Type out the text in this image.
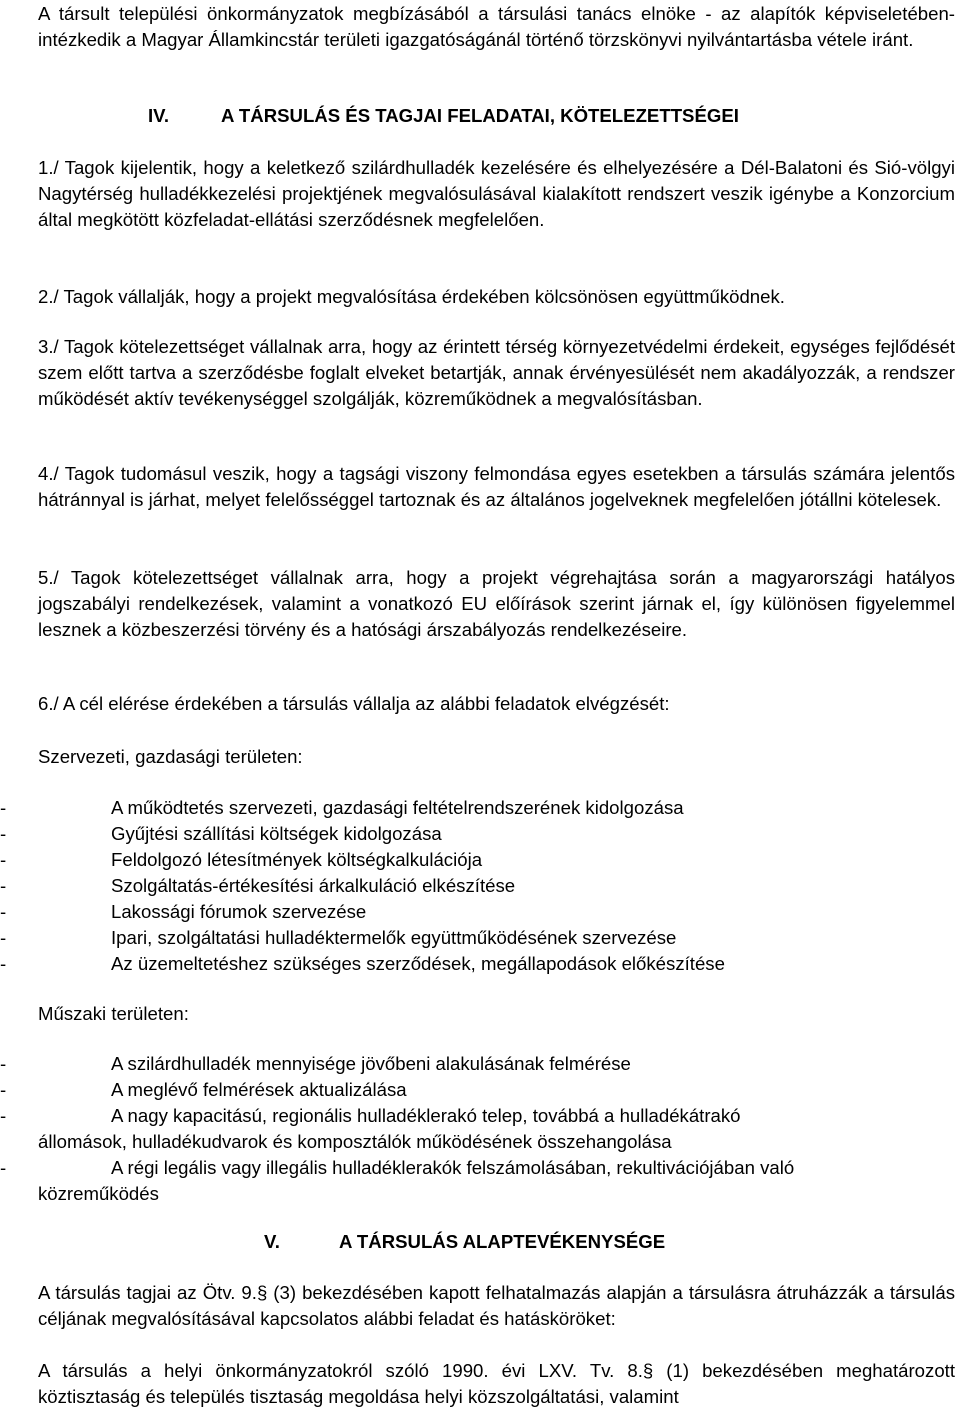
A társult települési önkormányzatok megbízásából a társulási tanács elnöke - az alapítók képviseletében- intézkedik a Magyar Államkincstár területi igazgatóságánál történő törzskönyvi nyilvántartásba vétele iránt.

IV.	A TÁRSULÁS ÉS TAGJAI FELADATAI, KÖTELEZETTSÉGEI

1./ Tagok kijelentik, hogy a keletkező szilárdhulladék kezelésére és elhelyezésére a Dél-Balatoni és Sió-völgyi Nagytérség hulladékkezelési projektjének megvalósulásával kialakított rendszert veszik igénybe a Konzorcium által megkötött közfeladat-ellátási szerződésnek megfelelően.

2./ Tagok vállalják, hogy a projekt megvalósítása érdekében kölcsönösen együttműködnek.

3./ Tagok kötelezettséget vállalnak arra, hogy az érintett térség környezetvédelmi érdekeit, egységes fejlődését szem előtt tartva a szerződésbe foglalt elveket betartják, annak érvényesülését nem akadályozzák, a rendszer működését aktív tevékenységgel szolgálják, közreműködnek a megvalósításban.

4./ Tagok tudomásul veszik, hogy a tagsági viszony felmondása egyes esetekben a társulás számára jelentős hátránnyal is járhat, melyet felelősséggel tartoznak és az általános jogelveknek megfelelően jótállni kötelesek.

5./ Tagok kötelezettséget vállalnak arra, hogy a projekt végrehajtása során a magyarországi hatályos jogszabályi rendelkezések, valamint a vonatkozó EU előírások szerint járnak el, így különösen figyelemmel lesznek a közbeszerzési törvény és a hatósági árszabályozás rendelkezéseire.

6./ A cél elérése érdekében a társulás vállalja az alábbi feladatok elvégzését:

Szervezeti, gazdasági területen:
-	A működtetés szervezeti, gazdasági feltételrendszerének kidolgozása
-	Gyűjtési szállítási költségek kidolgozása
-	Feldolgozó létesítmények költségkalkulációja
-	Szolgáltatás-értékesítési árkalkuláció elkészítése
-	Lakossági fórumok szervezése
-	Ipari, szolgáltatási hulladéktermelők együttműködésének szervezése
-	Az üzemeltetéshez szükséges szerződések, megállapodások előkészítése
Műszaki területen:
-	A szilárdhulladék mennyisége jövőbeni alakulásának felmérése
-	A meglévő felmérések aktualizálása
-	A nagy kapacitású, regionális hulladéklerakó telep, továbbá a hulladékátrakó
állomások, hulladékudvarok és komposztálók működésének összehangolása
-	A régi legális vagy illegális hulladéklerakók felszámolásában, rekultivációjában való
közreműködés
V.	A TÁRSULÁS ALAPTEVÉKENYSÉGE

A társulás tagjai az Ötv. 9.§ (3) bekezdésében kapott felhatalmazás alapján a társulásra átruházzák a társulás céljának megvalósításával kapcsolatos alábbi feladat és hatásköröket:

A társulás a helyi önkormányzatokról szóló 1990. évi LXV. Tv. 8.§ (1) bekezdésében meghatározott köztisztaság és település tisztaság megoldása helyi közszolgáltatási, valamint
